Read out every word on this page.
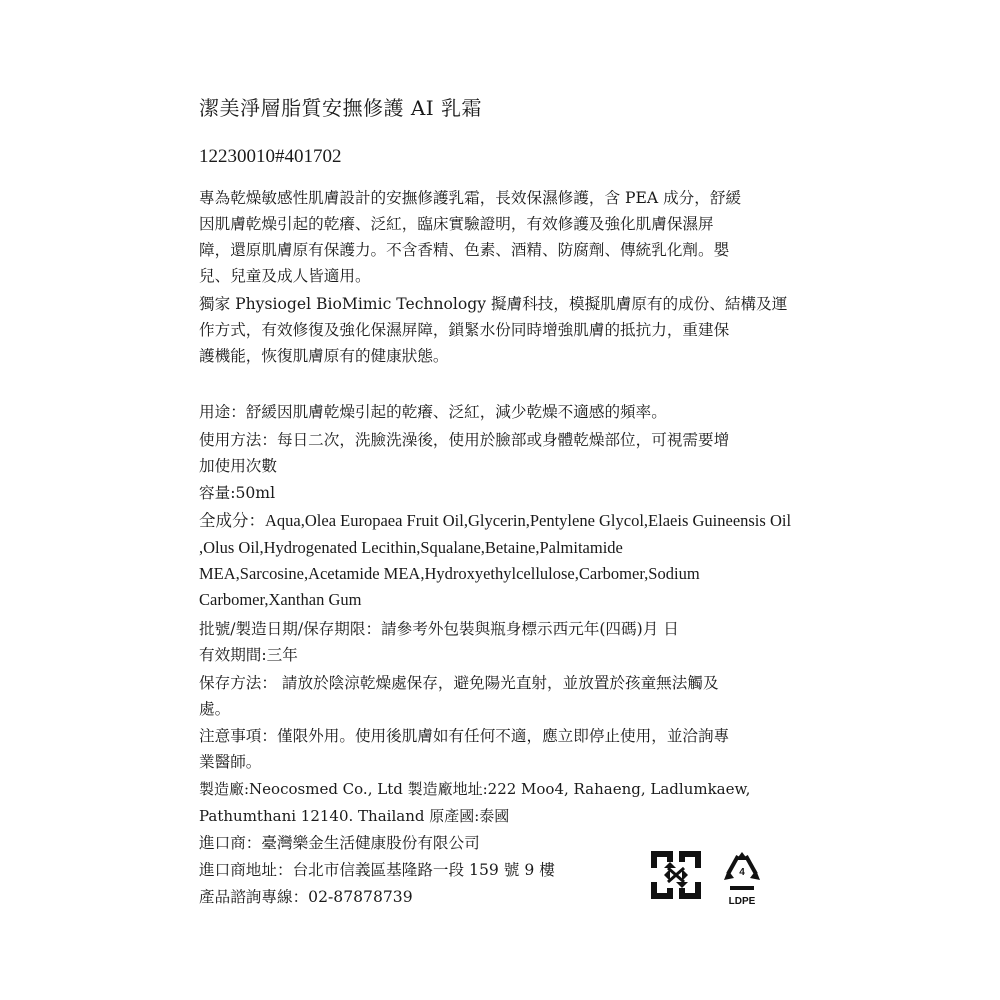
潔美淨層脂質安撫修護 AI 乳霜
12230010#401702
專為乾燥敏感性肌膚設計的安撫修護乳霜，長效保濕修護，含 PEA 成分，舒緩
因肌膚乾燥引起的乾癢、泛紅，臨床實驗證明，有效修護及強化肌膚保濕屏
障，還原肌膚原有保護力。不含香精、色素、酒精、防腐劑、傳統乳化劑。嬰
兒、兒童及成人皆適用。
獨家 Physiogel BioMimic Technology 擬膚科技，模擬肌膚原有的成份、結構及運
作方式，有效修復及強化保濕屏障，鎖緊水份同時增強肌膚的抵抗力，重建保
護機能，恢復肌膚原有的健康狀態。
用途：舒緩因肌膚乾燥引起的乾癢、泛紅，減少乾燥不適感的頻率。
使用方法：每日二次，洗臉洗澡後，使用於臉部或身體乾燥部位，可視需要增
加使用次數
容量:50ml
全成分：Aqua,Olea Europaea Fruit Oil,Glycerin,Pentylene Glycol,Elaeis Guineensis Oil
,Olus Oil,Hydrogenated Lecithin,Squalane,Betaine,Palmitamide
MEA,Sarcosine,Acetamide MEA,Hydroxyethylcellulose,Carbomer,Sodium
Carbomer,Xanthan Gum
批號/製造日期/保存期限：請參考外包裝與瓶身標示西元年(四碼)月 日
有效期間:三年
保存方法： 請放於陰涼乾燥處保存，避免陽光直射，並放置於孩童無法觸及
處。
注意事項：僅限外用。使用後肌膚如有任何不適，應立即停止使用，並洽詢專
業醫師。
製造廠:Neocosmed Co., Ltd 製造廠地址:222 Moo4, Rahaeng, Ladlumkaew,
Pathumthani 12140. Thailand 原產國:泰國
進口商：臺灣樂金生活健康股份有限公司
進口商地址：台北市信義區基隆路一段 159 號 9 樓
產品諮詢專線：02-87878739
4
LDPE
